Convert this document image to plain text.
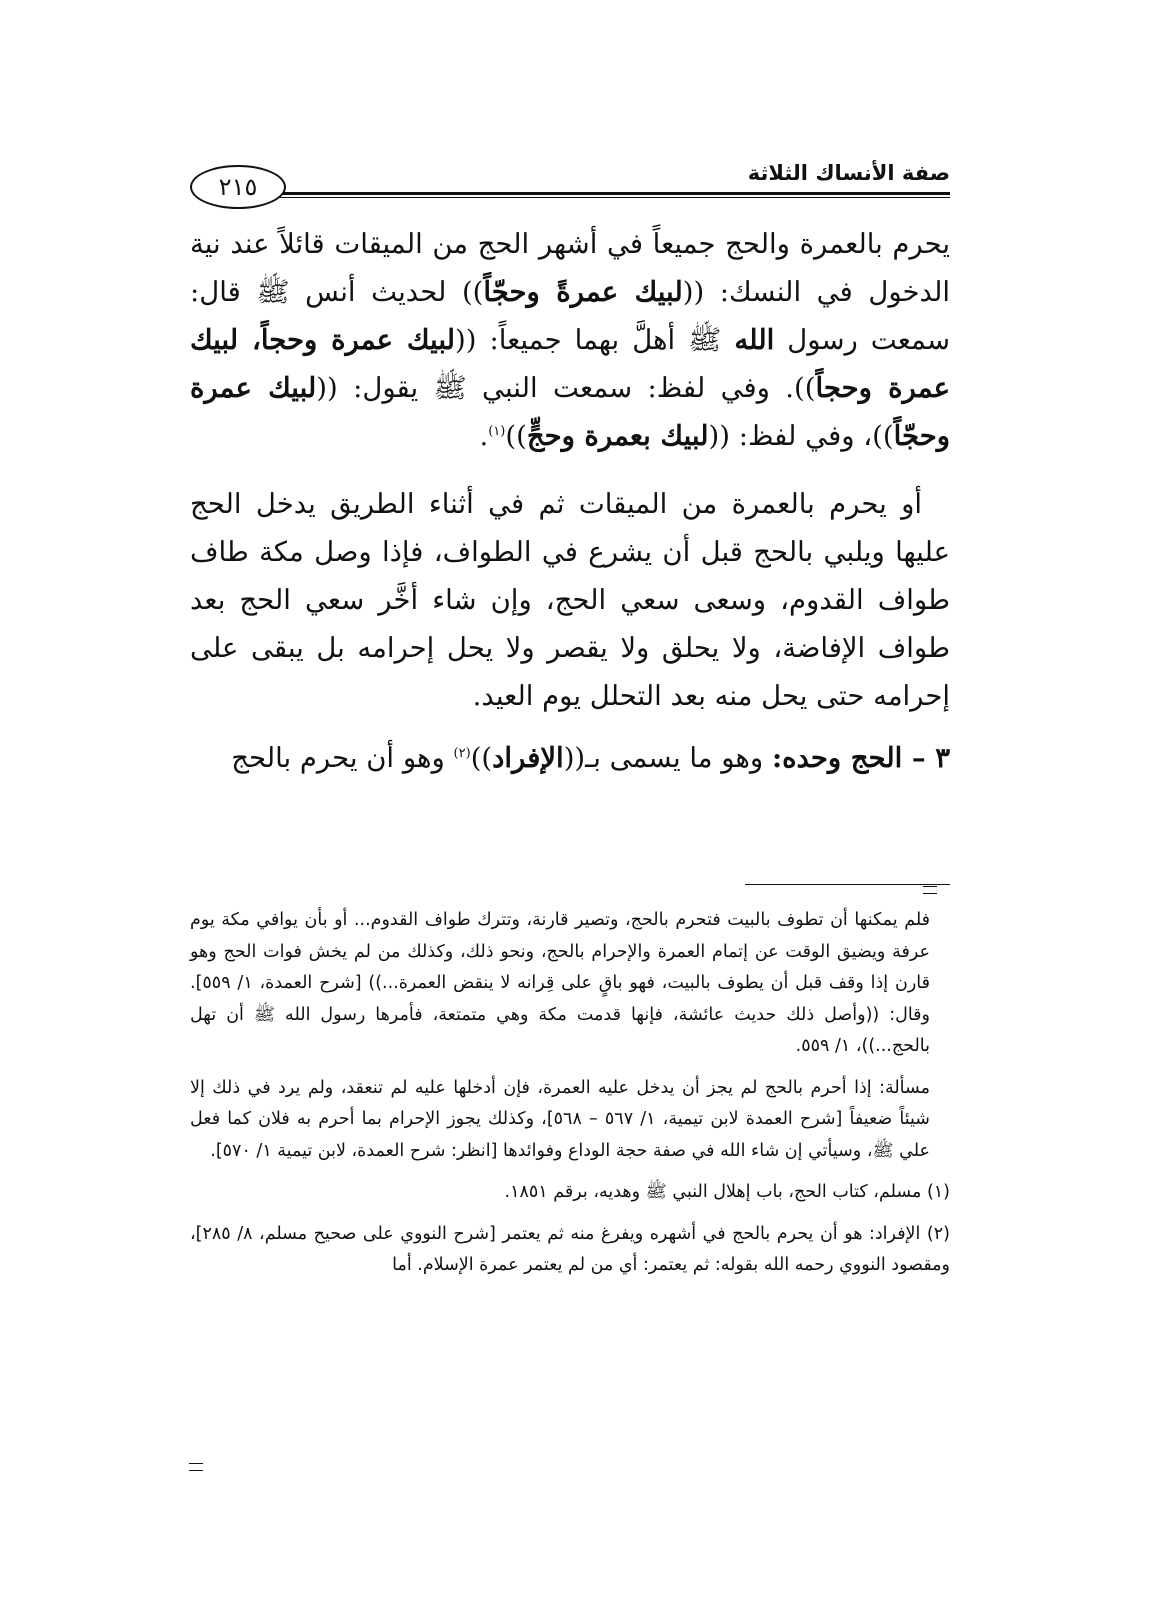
صفة الأنساك الثلاثة
٢١٥

يحرم بالعمرة والحج جميعاً في أشهر الحج من الميقات قائلاً عند نية الدخول في النسك: ((لبيك عمرةً وحجّاً)) لحديث أنس ﷺ قال: سمعت رسول الله ﷺ أهلَّ بهما جميعاً: ((لبيك عمرة وحجاً، لبيك عمرة وحجاً)). وفي لفظ: سمعت النبي ﷺ يقول: ((لبيك عمرة وحجّاً))، وفي لفظ: ((لبيك بعمرة وحجٍّ))$^{(١)}$.

أو يحرم بالعمرة من الميقات ثم في أثناء الطريق يدخل الحج عليها ويلبي بالحج قبل أن يشرع في الطواف، فإذا وصل مكة طاف طواف القدوم، وسعى سعي الحج، وإن شاء أخَّر سعي الحج بعد طواف الإفاضة، ولا يحلق ولا يقصر ولا يحل إحرامه بل يبقى على إحرامه حتى يحل منه بعد التحلل يوم العيد.

٣ – الحج وحده: وهو ما يسمى بـ((الإفراد))$^{(٢)}$ وهو أن يحرم بالحج

فلم يمكنها أن تطوف بالبيت فتحرم بالحج، وتصير قارنة، وتترك طواف القدوم... أو بأن يوافي مكة يوم عرفة ويضيق الوقت عن إتمام العمرة والإحرام بالحج، ونحو ذلك، وكذلك من لم يخش فوات الحج وهو قارن إذا وقف قبل أن يطوف بالبيت، فهو باقٍ على قِرانه لا ينقض العمرة...)) [شرح العمدة، ١/ ٥٥٩]. وقال: ((وأصل ذلك حديث عائشة، فإنها قدمت مكة وهي متمتعة، فأمرها رسول الله ﷺ أن تهل بالحج...))، ١/ ٥٥٩.

مسألة: إذا أحرم بالحج لم يجز أن يدخل عليه العمرة، فإن أدخلها عليه لم تنعقد، ولم يرد في ذلك إلا شيئاً ضعيفاً [شرح العمدة لابن تيمية، ١/ ٥٦٧ – ٥٦٨]، وكذلك يجوز الإحرام بما أحرم به فلان كما فعل علي ﷺ، وسيأتي إن شاء الله في صفة حجة الوداع وفوائدها [انظر: شرح العمدة، لابن تيمية ١/ ٥٧٠].

(١) مسلم، كتاب الحج، باب إهلال النبي ﷺ وهديه، برقم ١٨٥١.

(٢) الإفراد: هو أن يحرم بالحج في أشهره ويفرغ منه ثم يعتمر [شرح النووي على صحيح مسلم، ٨/ ٢٨٥]، ومقصود النووي رحمه الله بقوله: ثم يعتمر: أي من لم يعتمر عمرة الإسلام. أما
